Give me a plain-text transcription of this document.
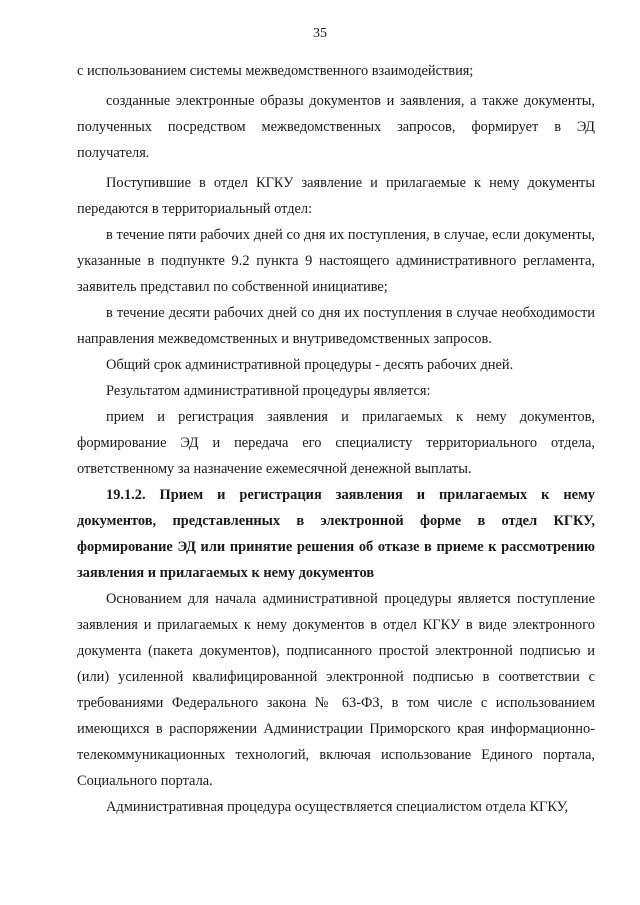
35

с использованием системы межведомственного взаимодействия;

созданные электронные образы документов и заявления, а также документы, полученных посредством межведомственных запросов, формирует в ЭД получателя.

Поступившие в отдел КГКУ заявление и прилагаемые к нему документы передаются в территориальный отдел:

в течение пяти рабочих дней со дня их поступления, в случае, если документы, указанные в подпункте 9.2 пункта 9 настоящего административного регламента, заявитель представил по собственной инициативе;

в течение десяти рабочих дней со дня их поступления в случае необходимости направления межведомственных и внутриведомственных запросов.

Общий срок административной процедуры - десять рабочих дней.

Результатом административной процедуры является:

прием и регистрация заявления и прилагаемых к нему документов, формирование ЭД и передача его специалисту территориального отдела, ответственному за назначение ежемесячной денежной выплаты.

19.1.2. Прием и регистрация заявления и прилагаемых к нему документов, представленных в электронной форме в отдел КГКУ, формирование ЭД или принятие решения об отказе в приеме к рассмотрению заявления и прилагаемых к нему документов

Основанием для начала административной процедуры является поступление заявления и прилагаемых к нему документов в отдел КГКУ в виде электронного документа (пакета документов), подписанного простой электронной подписью и (или) усиленной квалифицированной электронной подписью в соответствии с требованиями Федерального закона № 63-ФЗ, в том числе с использованием имеющихся в распоряжении Администрации Приморского края информационно-телекоммуникационных технологий, включая использование Единого портала, Социального портала.

Административная процедура осуществляется специалистом отдела КГКУ,
